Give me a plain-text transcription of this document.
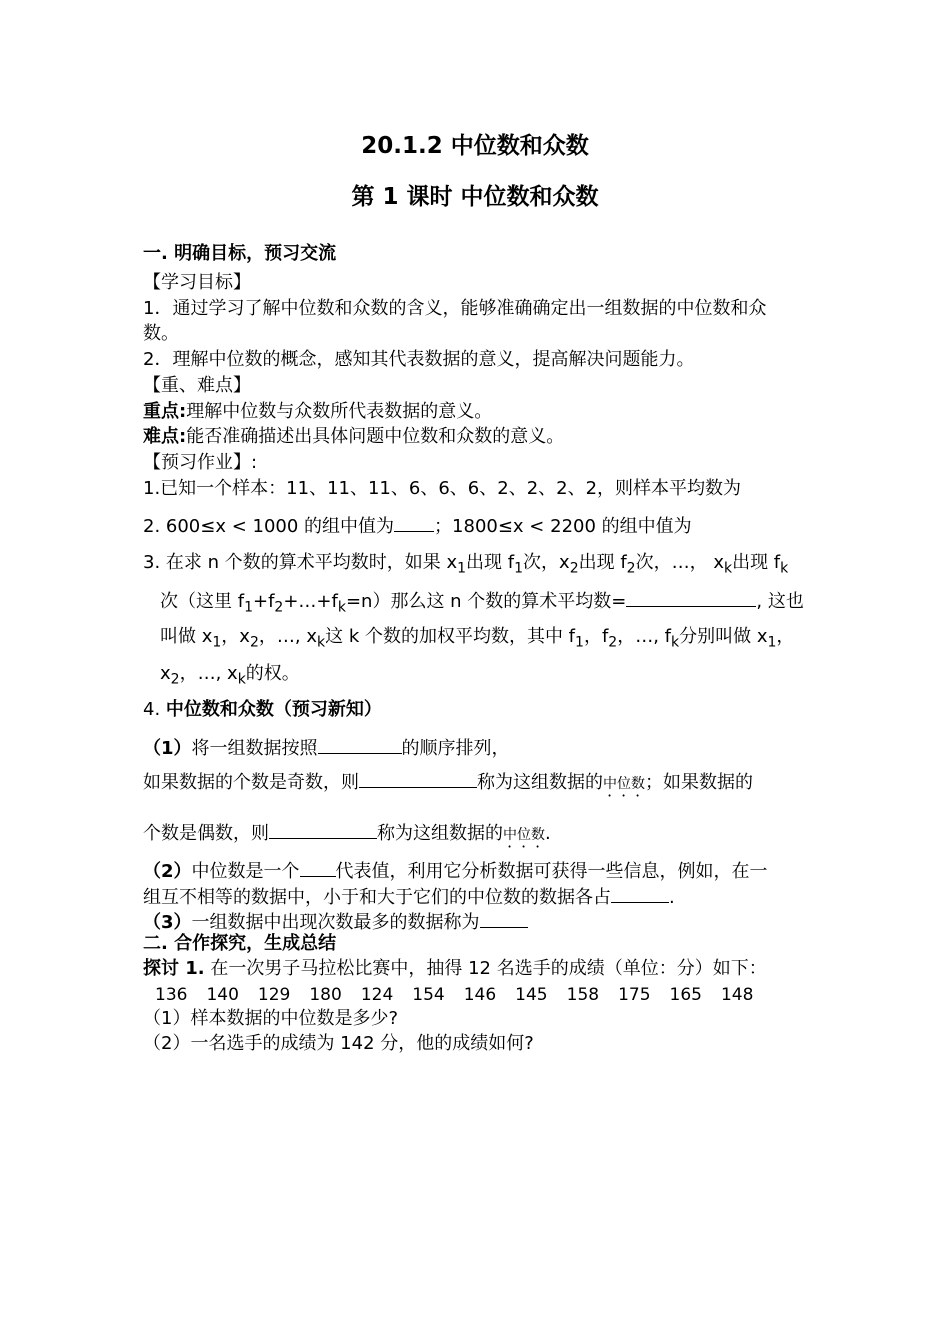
20.1.2 中位数和众数
第 1 课时 中位数和众数
一. 明确目标，预习交流
【学习目标】
1．通过学习了解中位数和众数的含义，能够准确确定出一组数据的中位数和众
数。
2．理解中位数的概念，感知其代表数据的意义，提高解决问题能力。
【重、难点】
重点:理解中位数与众数所代表数据的意义。
难点:能否准确描述出具体问题中位数和众数的意义。
【预习作业】:
1.已知一个样本：11、11、11、6、6、6、2、2、2、2，则样本平均数为
2. 600≤x < 1000 的组中值为 ；1800≤x < 2200 的组中值为
3. 在求 n 个数的算术平均数时，如果 $x_1$出现 $f_1$次，$x_2$出现 $f_2$次，…， $x_k$出现 $f_k$
次（这里 $f_1+f_2+\dots+f_k=n$）那么这 n 个数的算术平均数=	, 这也
叫做 $x_1$，$x_2$，…, $x_k$这 k 个数的加权平均数，其中 $f_1$，$f_2$，…, $f_k$分别叫做 $x_1$，
$x_2$，…, $x_k$的权。
4. 中位数和众数（预习新知）
（1）将一组数据按照	的顺序排列，
如果数据的个数是奇数，则	称为这组数据的中位数；如果数据的
个数是偶数，则	称为这组数据的中位数.
（2）中位数是一个 代表值，利用它分析数据可获得一些信息，例如，在一
组互不相等的数据中，小于和大于它们的中位数的数据各占	.
（3）一组数据中出现次数最多的数据称为
二. 合作探究，生成总结
探讨 1. 在一次男子马拉松比赛中，抽得 12 名选手的成绩（单位：分）如下：
136 140 129 180 124 154 146 145 158 175 165 148
（1）样本数据的中位数是多少?
（2）一名选手的成绩为 142 分，他的成绩如何?
